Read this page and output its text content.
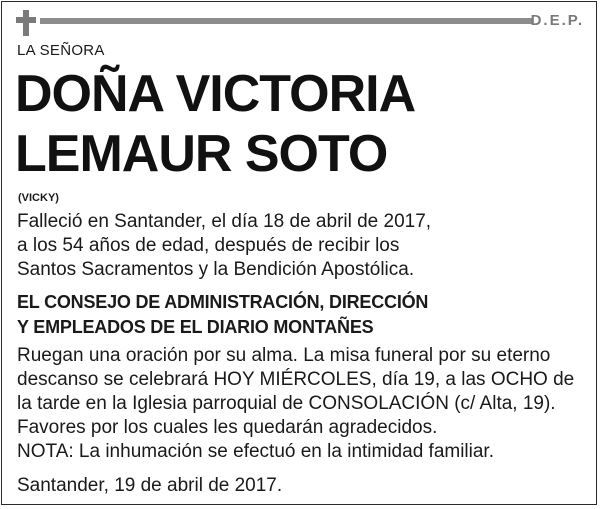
D.E.P.
LA SEÑORA
DOÑA VICTORIA
LEMAUR SOTO
(VICKY)
Falleció en Santander, el día 18 de abril de 2017,
a los 54 años de edad, después de recibir los
Santos Sacramentos y la Bendición Apostólica.
EL CONSEJO DE ADMINISTRACIÓN, DIRECCIÓN
Y EMPLEADOS DE EL DIARIO MONTAÑES
Ruegan una oración por su alma. La misa funeral por su eterno
descanso se celebrará HOY MIÉRCOLES, día 19, a las OCHO de
la tarde en la Iglesia parroquial de CONSOLACIÓN (c/ Alta, 19).
Favores por los cuales les quedarán agradecidos.
NOTA: La inhumación se efectuó en la intimidad familiar.
Santander, 19 de abril de 2017.
